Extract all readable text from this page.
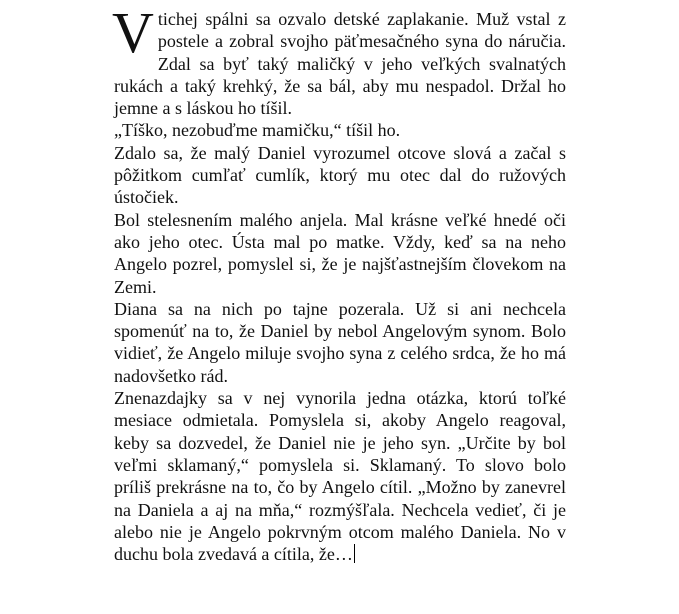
V tichej spálni sa ozvalo detské zaplakanie. Muž vstal z postele a zobral svojho päťmesačného syna do náručia. Zdal sa byť taký maličký v jeho veľkých svalnatých rukách a taký krehký, že sa bál, aby mu nespadol. Držal ho jemne a s láskou ho tíšil.

„Tíško, nezobuďme mamičku,“ tíšil ho.

Zdalo sa, že malý Daniel vyrozumel otcove slová a začal s pôžitkom cumľať cumlík, ktorý mu otec dal do ružových ústočiek.

Bol stelesnením malého anjela. Mal krásne veľké hnedé oči ako jeho otec. Ústa mal po matke. Vždy, keď sa na neho Angelo pozrel, pomyslel si, že je najšťastnejším človekom na Zemi.

Diana sa na nich po tajne pozerala. Už si ani nechcela spomenúť na to, že Daniel by nebol Angelovým synom. Bolo vidieť, že Angelo miluje svojho syna z celého srdca, že ho má nadovšetko rád.

Znenazdajky sa v nej vynorila jedna otázka, ktorú toľké mesiace odmietala. Pomyslela si, akoby Angelo reagoval, keby sa dozvedel, že Daniel nie je jeho syn. „Určite by bol veľmi sklamaný,“ pomyslela si. Sklamaný. To slovo bolo príliš prekrásne na to, čo by Angelo cítil. „Možno by zanevrel na Daniela a aj na mňa,“ rozmýšľala. Nechcela vedieť, či je alebo nie je Angelo pokrvným otcom malého Daniela. No v duchu bola zvedavá a cítila, že…
